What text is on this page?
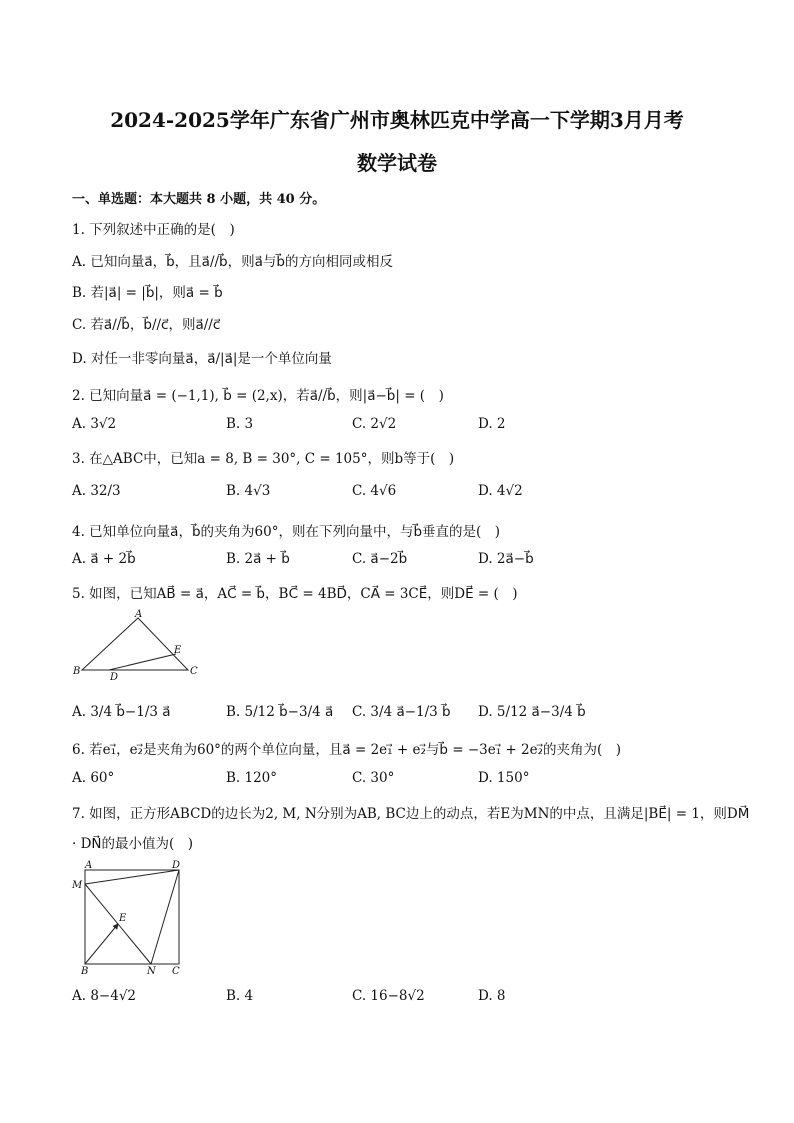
2024-2025学年广东省广州市奥林匹克中学高一下学期3月月考
数学试卷
一、单选题：本大题共 8 小题，共 40 分。
1. 下列叙述中正确的是(　)
A. 已知向量a⃗，b⃗，且a⃗//b⃗，则a⃗与b⃗的方向相同或相反
B. 若|a⃗| = |b⃗|，则a⃗ = b⃗
C. 若a⃗//b⃗，b⃗//c⃗，则a⃗//c⃗
D. 对任一非零向量a⃗，a⃗/|a⃗|是一个单位向量
2. 已知向量a⃗ = (−1,1), b⃗ = (2,x)，若a⃗//b⃗，则|a⃗−b⃗| = (　)
A. 3√2	B. 3	C. 2√2	D. 2
3. 在△ABC中，已知a = 8, B = 30°, C = 105°，则b等于(　)
A. 32/3	B. 4√3	C. 4√6	D. 4√2
4. 已知单位向量a⃗，b⃗的夹角为60°，则在下列向量中，与b⃗垂直的是(　)
A. a⃗ + 2b⃗	B. 2a⃗ + b⃗	C. a⃗−2b⃗	D. 2a⃗−b⃗
5. 如图，已知AB⃗ = a⃗，AC⃗ = b⃗，BC⃗ = 4BD⃗，CA⃗ = 3CE⃗，则DE⃗ = (　)
A
B	C
D
E
A. 3/4 b⃗−1/3 a⃗	B. 5/12 b⃗−3/4 a⃗ C. 3/4 a⃗−1/3 b⃗ D. 5/12 a⃗−3/4 b⃗
6. 若e₁⃗，e₂⃗是夹角为60°的两个单位向量，且a⃗ = 2e₁⃗ + e₂⃗与b⃗ = −3e₁⃗ + 2e₂⃗的夹角为(　)
A. 60°	B. 120°	C. 30°	D. 150°
7. 如图，正方形ABCD的边长为2, M, N分别为AB, BC边上的动点，若E为MN的中点，且满足|BE⃗| = 1，则DM⃗
· DN⃗的最小值为(　)
A	D
M
E
B	N C
A. 8−4√2	B. 4	C. 16−8√2	D. 8
